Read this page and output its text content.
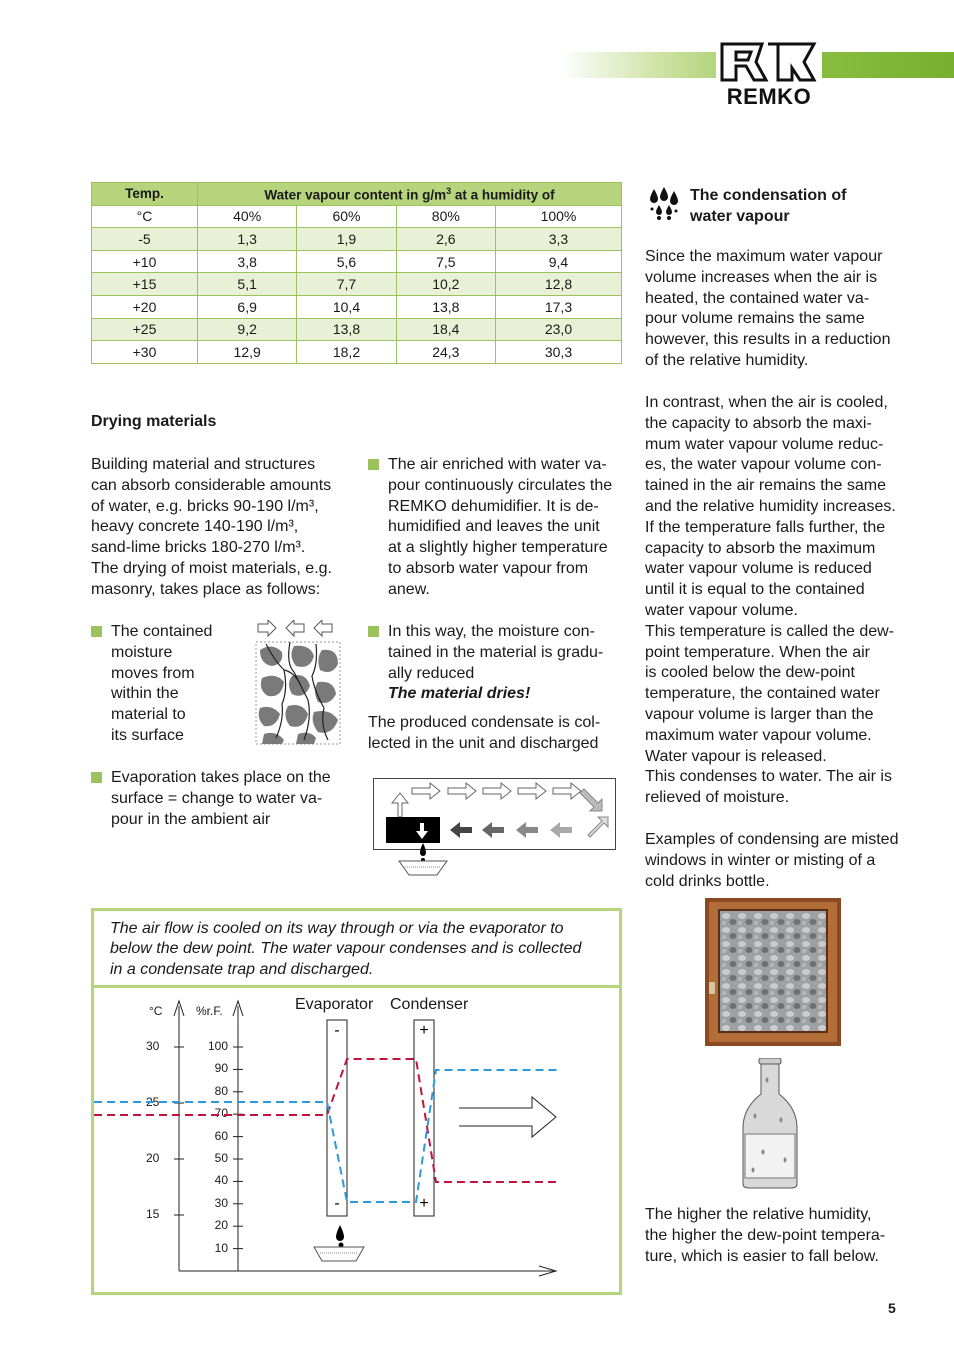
REMKO
Temp.	Water vapour content in $g/m^3$ at a humidity of			
°C	40%	60%	80%	100%
-5	1,3	1,9	2,6	3,3
+10	3,8	5,6	7,5	9,4
+15	5,1	7,7	10,2	12,8
+20	6,9	10,4	13,8	17,3
+25	9,2	13,8	18,4	23,0
+30	12,9	18,2	24,3	30,3
Drying materials
Building material and structures
can absorb considerable amounts
of water, e.g. bricks 90-190 l/m³,
heavy concrete 140-190 l/m³,
sand-lime bricks 180-270 l/m³.
The drying of moist materials, e.g.
masonry, takes place as follows:
The contained
moisture
moves from
within the
material to
its surface
Evaporation takes place on the
surface = change to water va-
pour in the ambient air
The air enriched with water va-
pour continuously circulates the
REMKO dehumidifier. It is de-
humidified and leaves the unit
at a slightly higher temperature
to absorb water vapour from
anew.
In this way, the moisture con-
tained in the material is gradu-
ally reduced
The material dries!
The produced condensate is col-
lected in the unit and discharged
The air flow is cooled on its way through or via the evaporator to
below the dew point. The water vapour condenses and is collected
in a condensate trap and discharged.
°C	%r.F.	Evaporator Condenser
30
25
20
15
100
90
80
70
60
50
40
30
20
10
-
-
+
+
The condensation of
water vapour
Since the maximum water vapour
volume increases when the air is
heated, the contained water va-
pour volume remains the same
however, this results in a reduction
of the relative humidity.
In contrast, when the air is cooled,
the capacity to absorb the maxi-
mum water vapour volume reduc-
es, the water vapour volume con-
tained in the air remains the same
and the relative humidity increases.
If the temperature falls further, the
capacity to absorb the maximum
water vapour volume is reduced
until it is equal to the contained
water vapour volume.
This temperature is called the dew-
point temperature. When the air
is cooled below the dew-point
temperature, the contained water
vapour volume is larger than the
maximum water vapour volume.
Water vapour is released.
This condenses to water. The air is
relieved of moisture.
Examples of condensing are misted
windows in winter or misting of a
cold drinks bottle.
The higher the relative humidity,
the higher the dew-point tempera-
ture, which is easier to fall below.
5
